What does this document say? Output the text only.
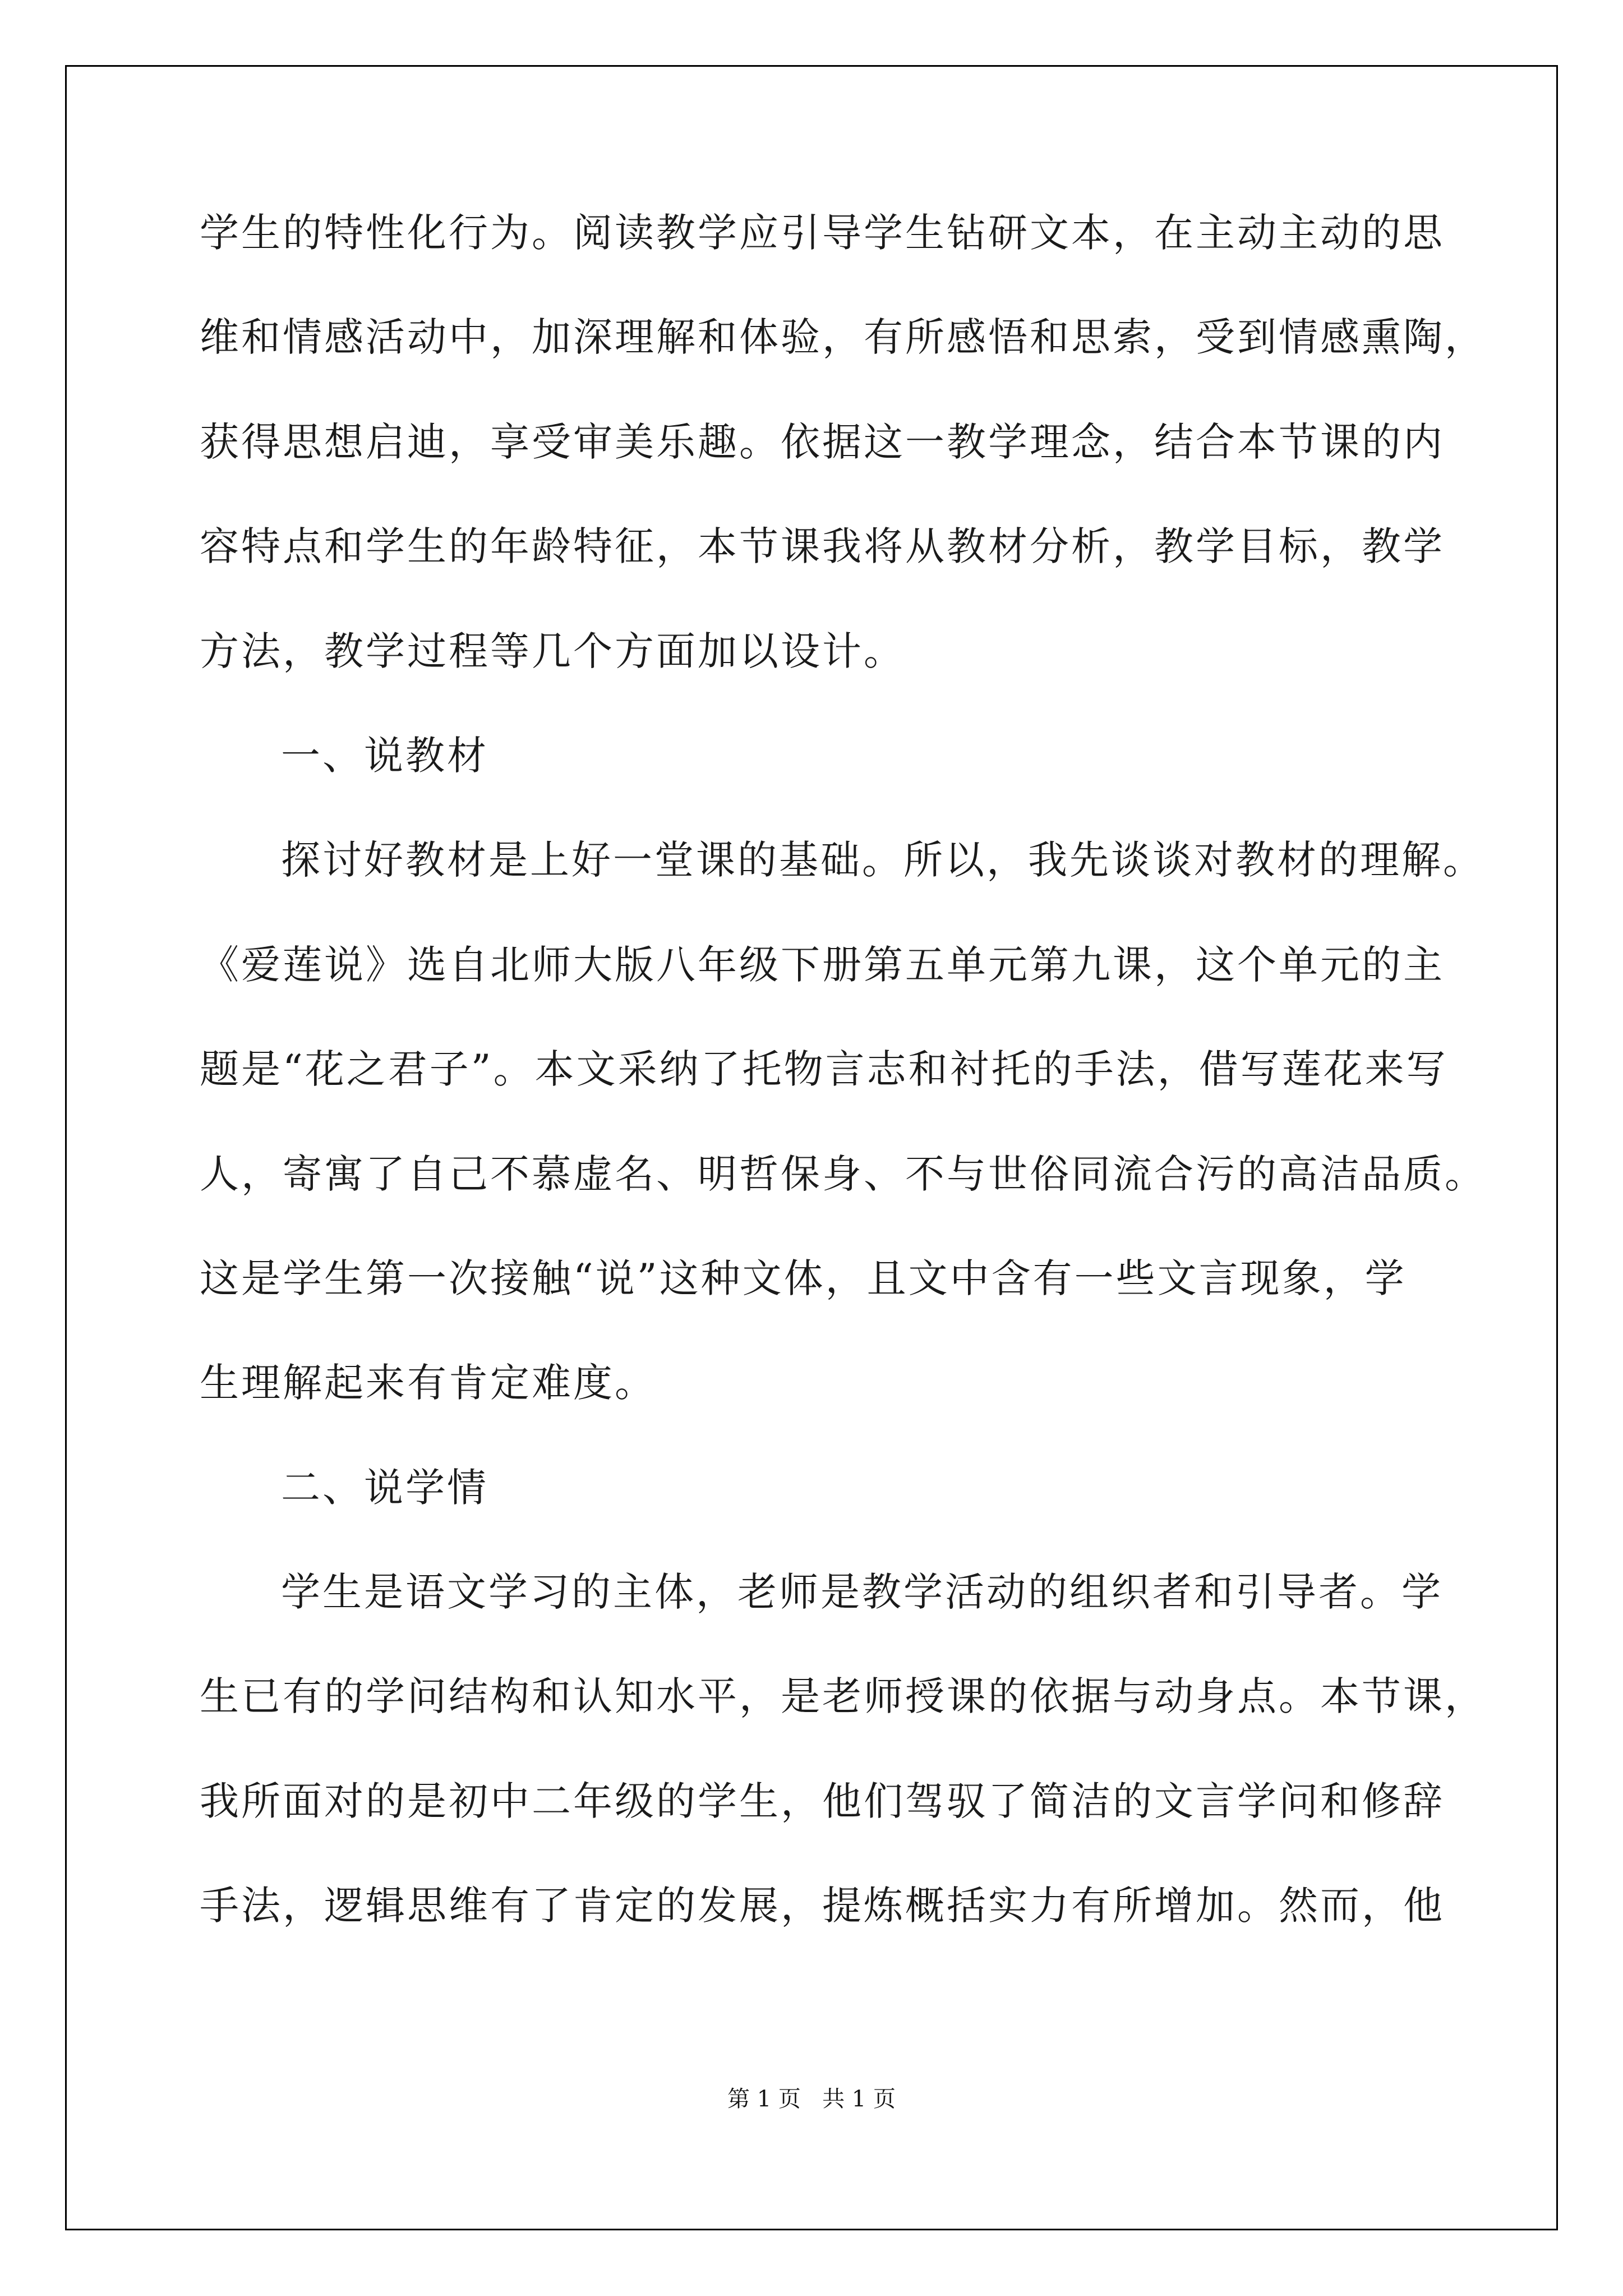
学生的特性化行为。阅读教学应引导学生钻研文本，在主动主动的思
维和情感活动中，加深理解和体验，有所感悟和思索，受到情感熏陶，
获得思想启迪，享受审美乐趣。依据这一教学理念，结合本节课的内
容特点和学生的年龄特征，本节课我将从教材分析，教学目标，教学
方法，教学过程等几个方面加以设计。
一、说教材
探讨好教材是上好一堂课的基础。所以，我先谈谈对教材的理解。
《爱莲说》选自北师大版八年级下册第五单元第九课，这个单元的主
题是“花之君子”。本文采纳了托物言志和衬托的手法，借写莲花来写
人，寄寓了自己不慕虚名、明哲保身、不与世俗同流合污的高洁品质。
这是学生第一次接触“说”这种文体，且文中含有一些文言现象，学
生理解起来有肯定难度。
二、说学情
学生是语文学习的主体，老师是教学活动的组织者和引导者。学
生已有的学问结构和认知水平，是老师授课的依据与动身点。本节课，
我所面对的是初中二年级的学生，他们驾驭了简洁的文言学问和修辞
手法，逻辑思维有了肯定的发展，提炼概括实力有所增加。然而，他
第 1 页   共 1 页
